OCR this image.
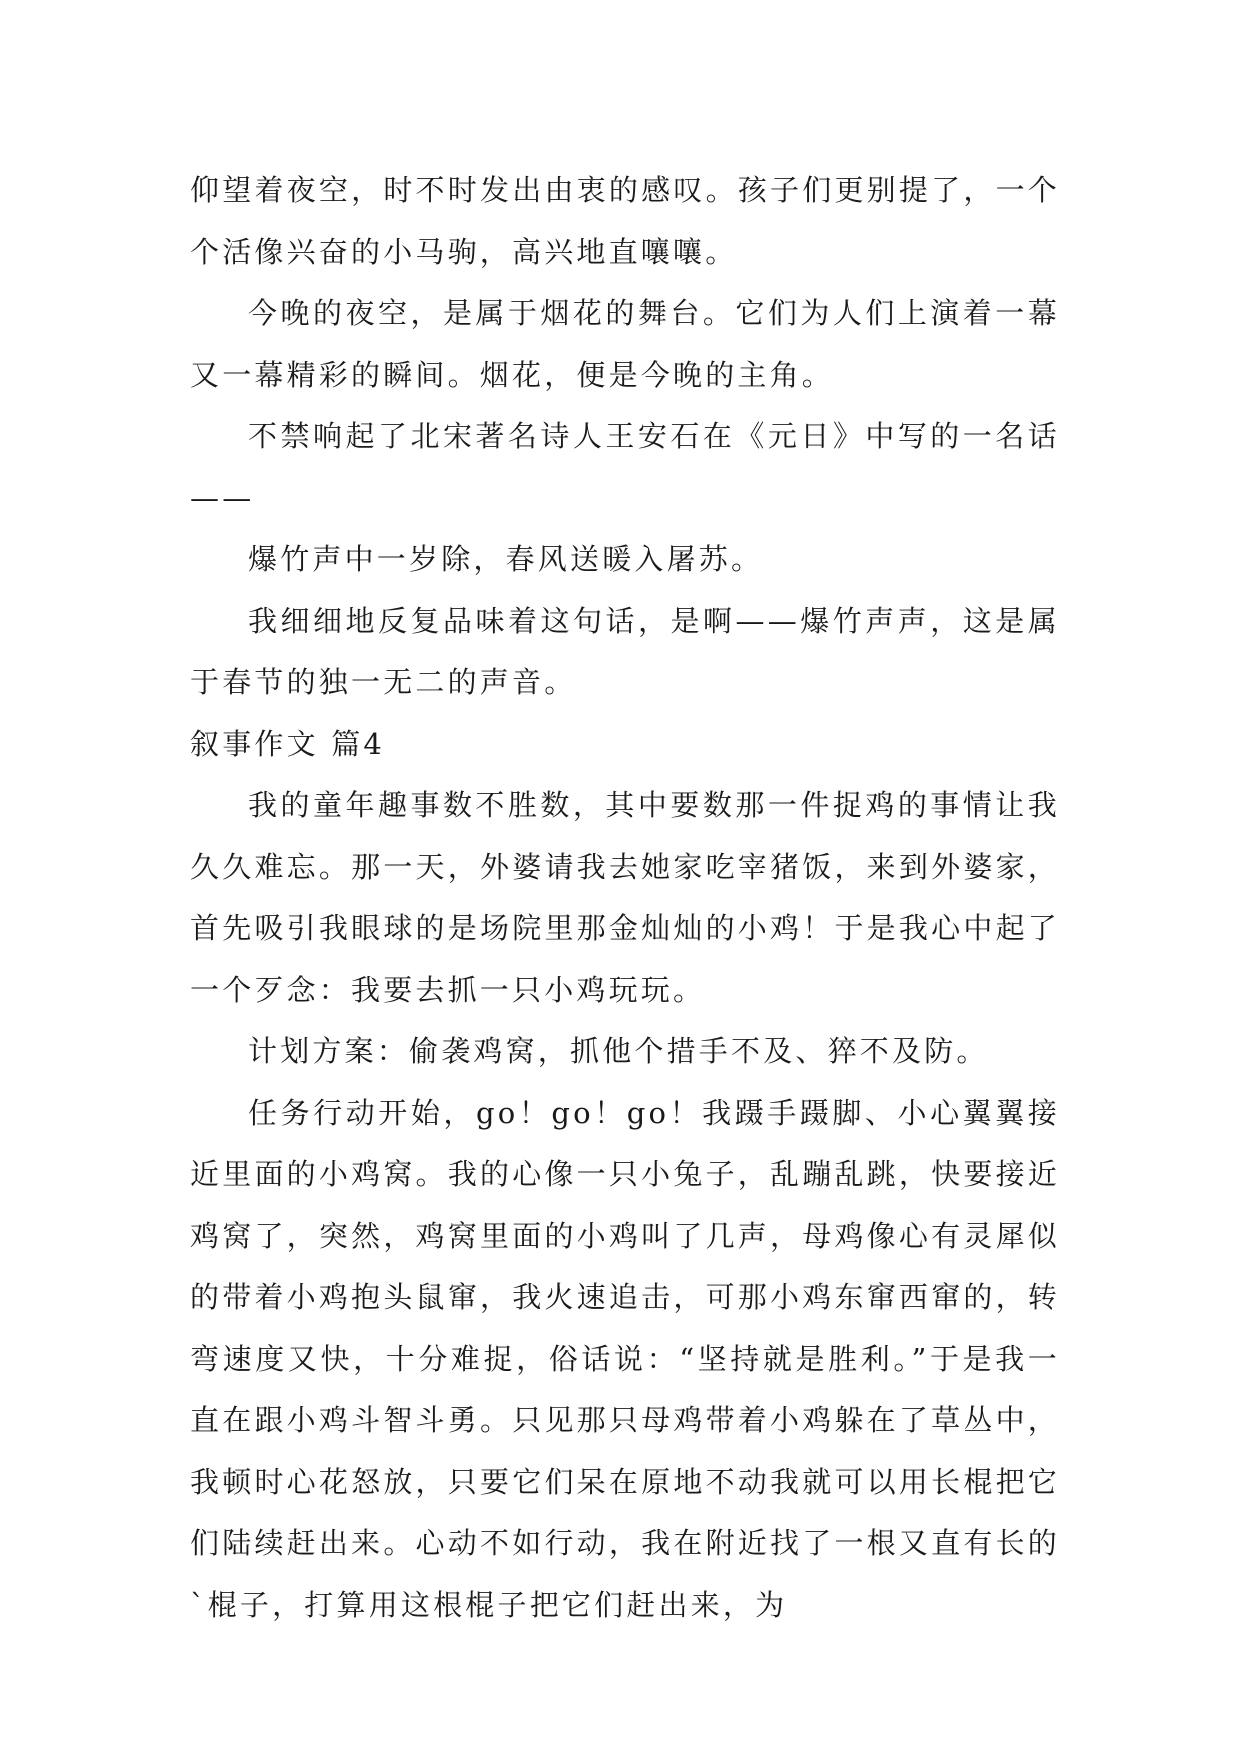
仰望着夜空，时不时发出由衷的感叹。孩子们更别提了，一个个活像兴奋的小马驹，高兴地直嚷嚷。

今晚的夜空，是属于烟花的舞台。它们为人们上演着一幕又一幕精彩的瞬间。烟花，便是今晚的主角。

不禁响起了北宋著名诗人王安石在《元日》中写的一名话——

爆竹声中一岁除，春风送暖入屠苏。

我细细地反复品味着这句话，是啊——爆竹声声，这是属于春节的独一无二的声音。

叙事作文 篇4

我的童年趣事数不胜数，其中要数那一件捉鸡的事情让我久久难忘。那一天，外婆请我去她家吃宰猪饭，来到外婆家，首先吸引我眼球的是场院里那金灿灿的小鸡！于是我心中起了一个歹念：我要去抓一只小鸡玩玩。

计划方案：偷袭鸡窝，抓他个措手不及、猝不及防。

任务行动开始，go！go！go！我蹑手蹑脚、小心翼翼接近里面的小鸡窝。我的心像一只小兔子，乱蹦乱跳，快要接近鸡窝了，突然，鸡窝里面的小鸡叫了几声，母鸡像心有灵犀似的带着小鸡抱头鼠窜，我火速追击，可那小鸡东窜西窜的，转弯速度又快，十分难捉，俗话说：“坚持就是胜利。”于是我一直在跟小鸡斗智斗勇。只见那只母鸡带着小鸡躲在了草丛中，我顿时心花怒放，只要它们呆在原地不动我就可以用长棍把它们陆续赶出来。心动不如行动，我在附近找了一根又直有长的`棍子，打算用这根棍子把它们赶出来，为
